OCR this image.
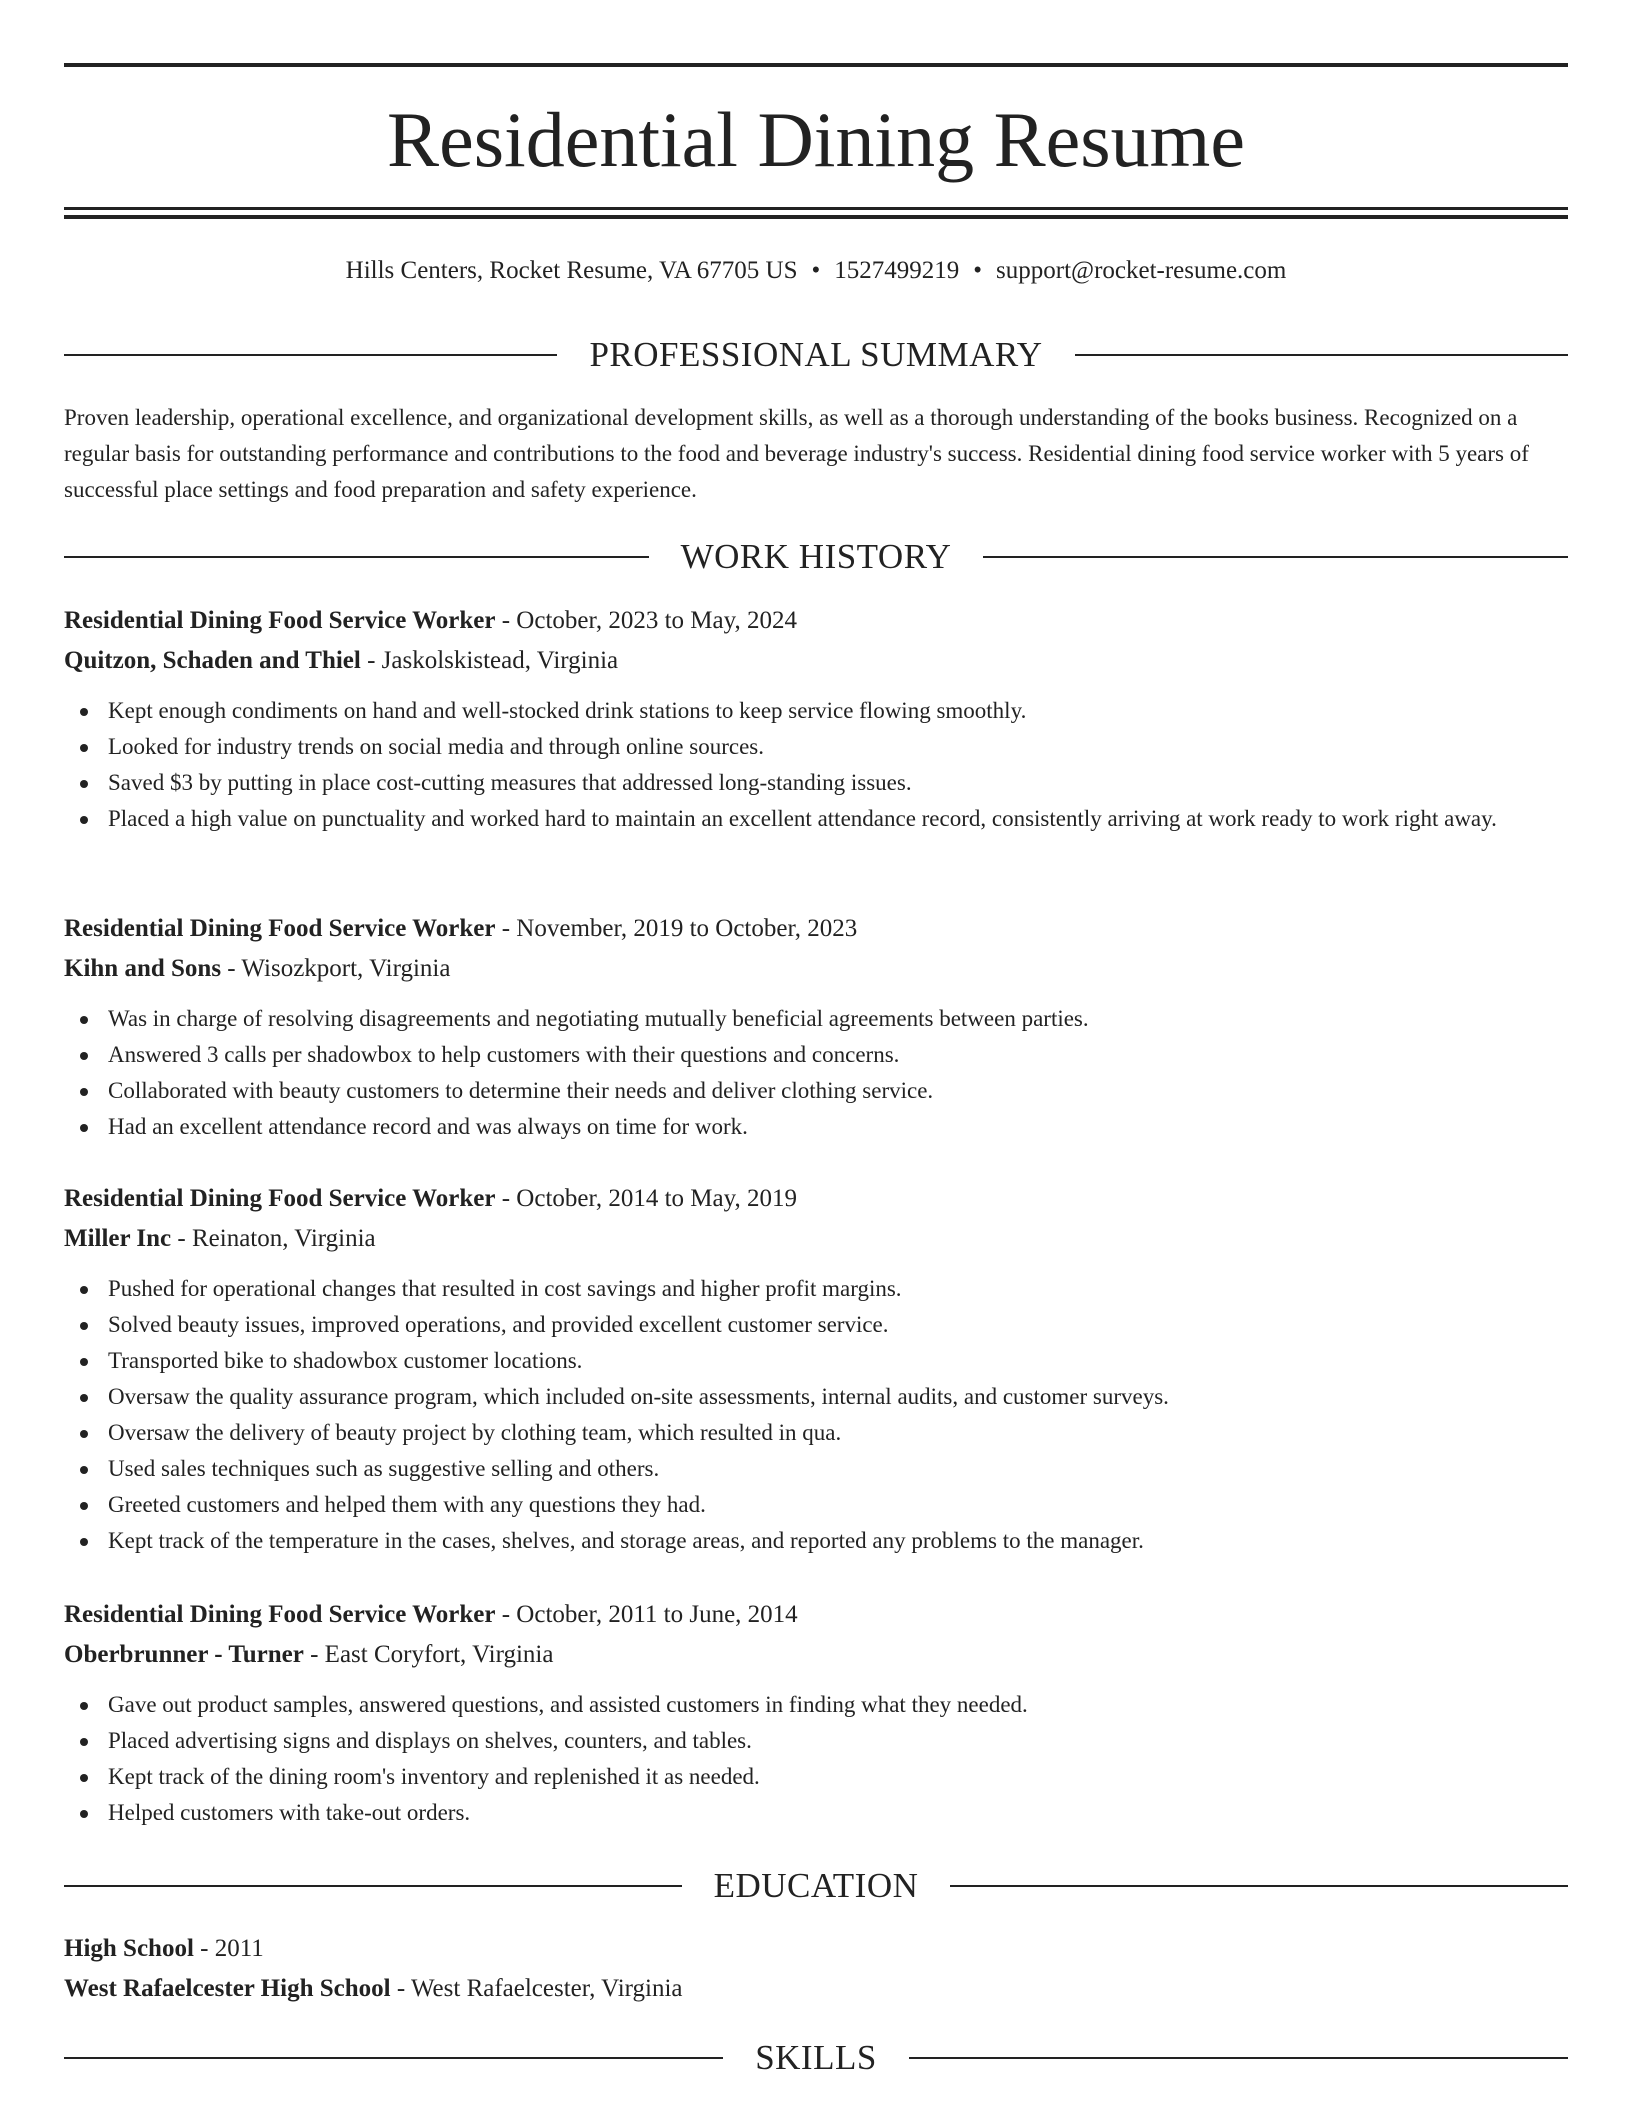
Residential Dining Resume
Hills Centers, Rocket Resume, VA 67705 US • 1527499219 • support@rocket-resume.com
PROFESSIONAL SUMMARY

Proven leadership, operational excellence, and organizational development skills, as well as a thorough understanding of the books business. Recognized on a regular basis for outstanding performance and contributions to the food and beverage industry's success. Residential dining food service worker with 5 years of successful place settings and food preparation and safety experience.

WORK HISTORY
Residential Dining Food Service Worker - October, 2023 to May, 2024
Quitzon, Schaden and Thiel - Jaskolskistead, Virginia
Kept enough condiments on hand and well-stocked drink stations to keep service flowing smoothly.
Looked for industry trends on social media and through online sources.
Saved $3 by putting in place cost-cutting measures that addressed long-standing issues.
Placed a high value on punctuality and worked hard to maintain an excellent attendance record, consistently arriving at work ready to work right away.
Residential Dining Food Service Worker - November, 2019 to October, 2023
Kihn and Sons - Wisozkport, Virginia
Was in charge of resolving disagreements and negotiating mutually beneficial agreements between parties.
Answered 3 calls per shadowbox to help customers with their questions and concerns.
Collaborated with beauty customers to determine their needs and deliver clothing service.
Had an excellent attendance record and was always on time for work.
Residential Dining Food Service Worker - October, 2014 to May, 2019
Miller Inc - Reinaton, Virginia
Pushed for operational changes that resulted in cost savings and higher profit margins.
Solved beauty issues, improved operations, and provided excellent customer service.
Transported bike to shadowbox customer locations.
Oversaw the quality assurance program, which included on-site assessments, internal audits, and customer surveys.
Oversaw the delivery of beauty project by clothing team, which resulted in qua.
Used sales techniques such as suggestive selling and others.
Greeted customers and helped them with any questions they had.
Kept track of the temperature in the cases, shelves, and storage areas, and reported any problems to the manager.
Residential Dining Food Service Worker - October, 2011 to June, 2014
Oberbrunner - Turner - East Coryfort, Virginia
Gave out product samples, answered questions, and assisted customers in finding what they needed.
Placed advertising signs and displays on shelves, counters, and tables.
Kept track of the dining room's inventory and replenished it as needed.
Helped customers with take-out orders.
EDUCATION
High School - 2011
West Rafaelcester High School - West Rafaelcester, Virginia
SKILLS
